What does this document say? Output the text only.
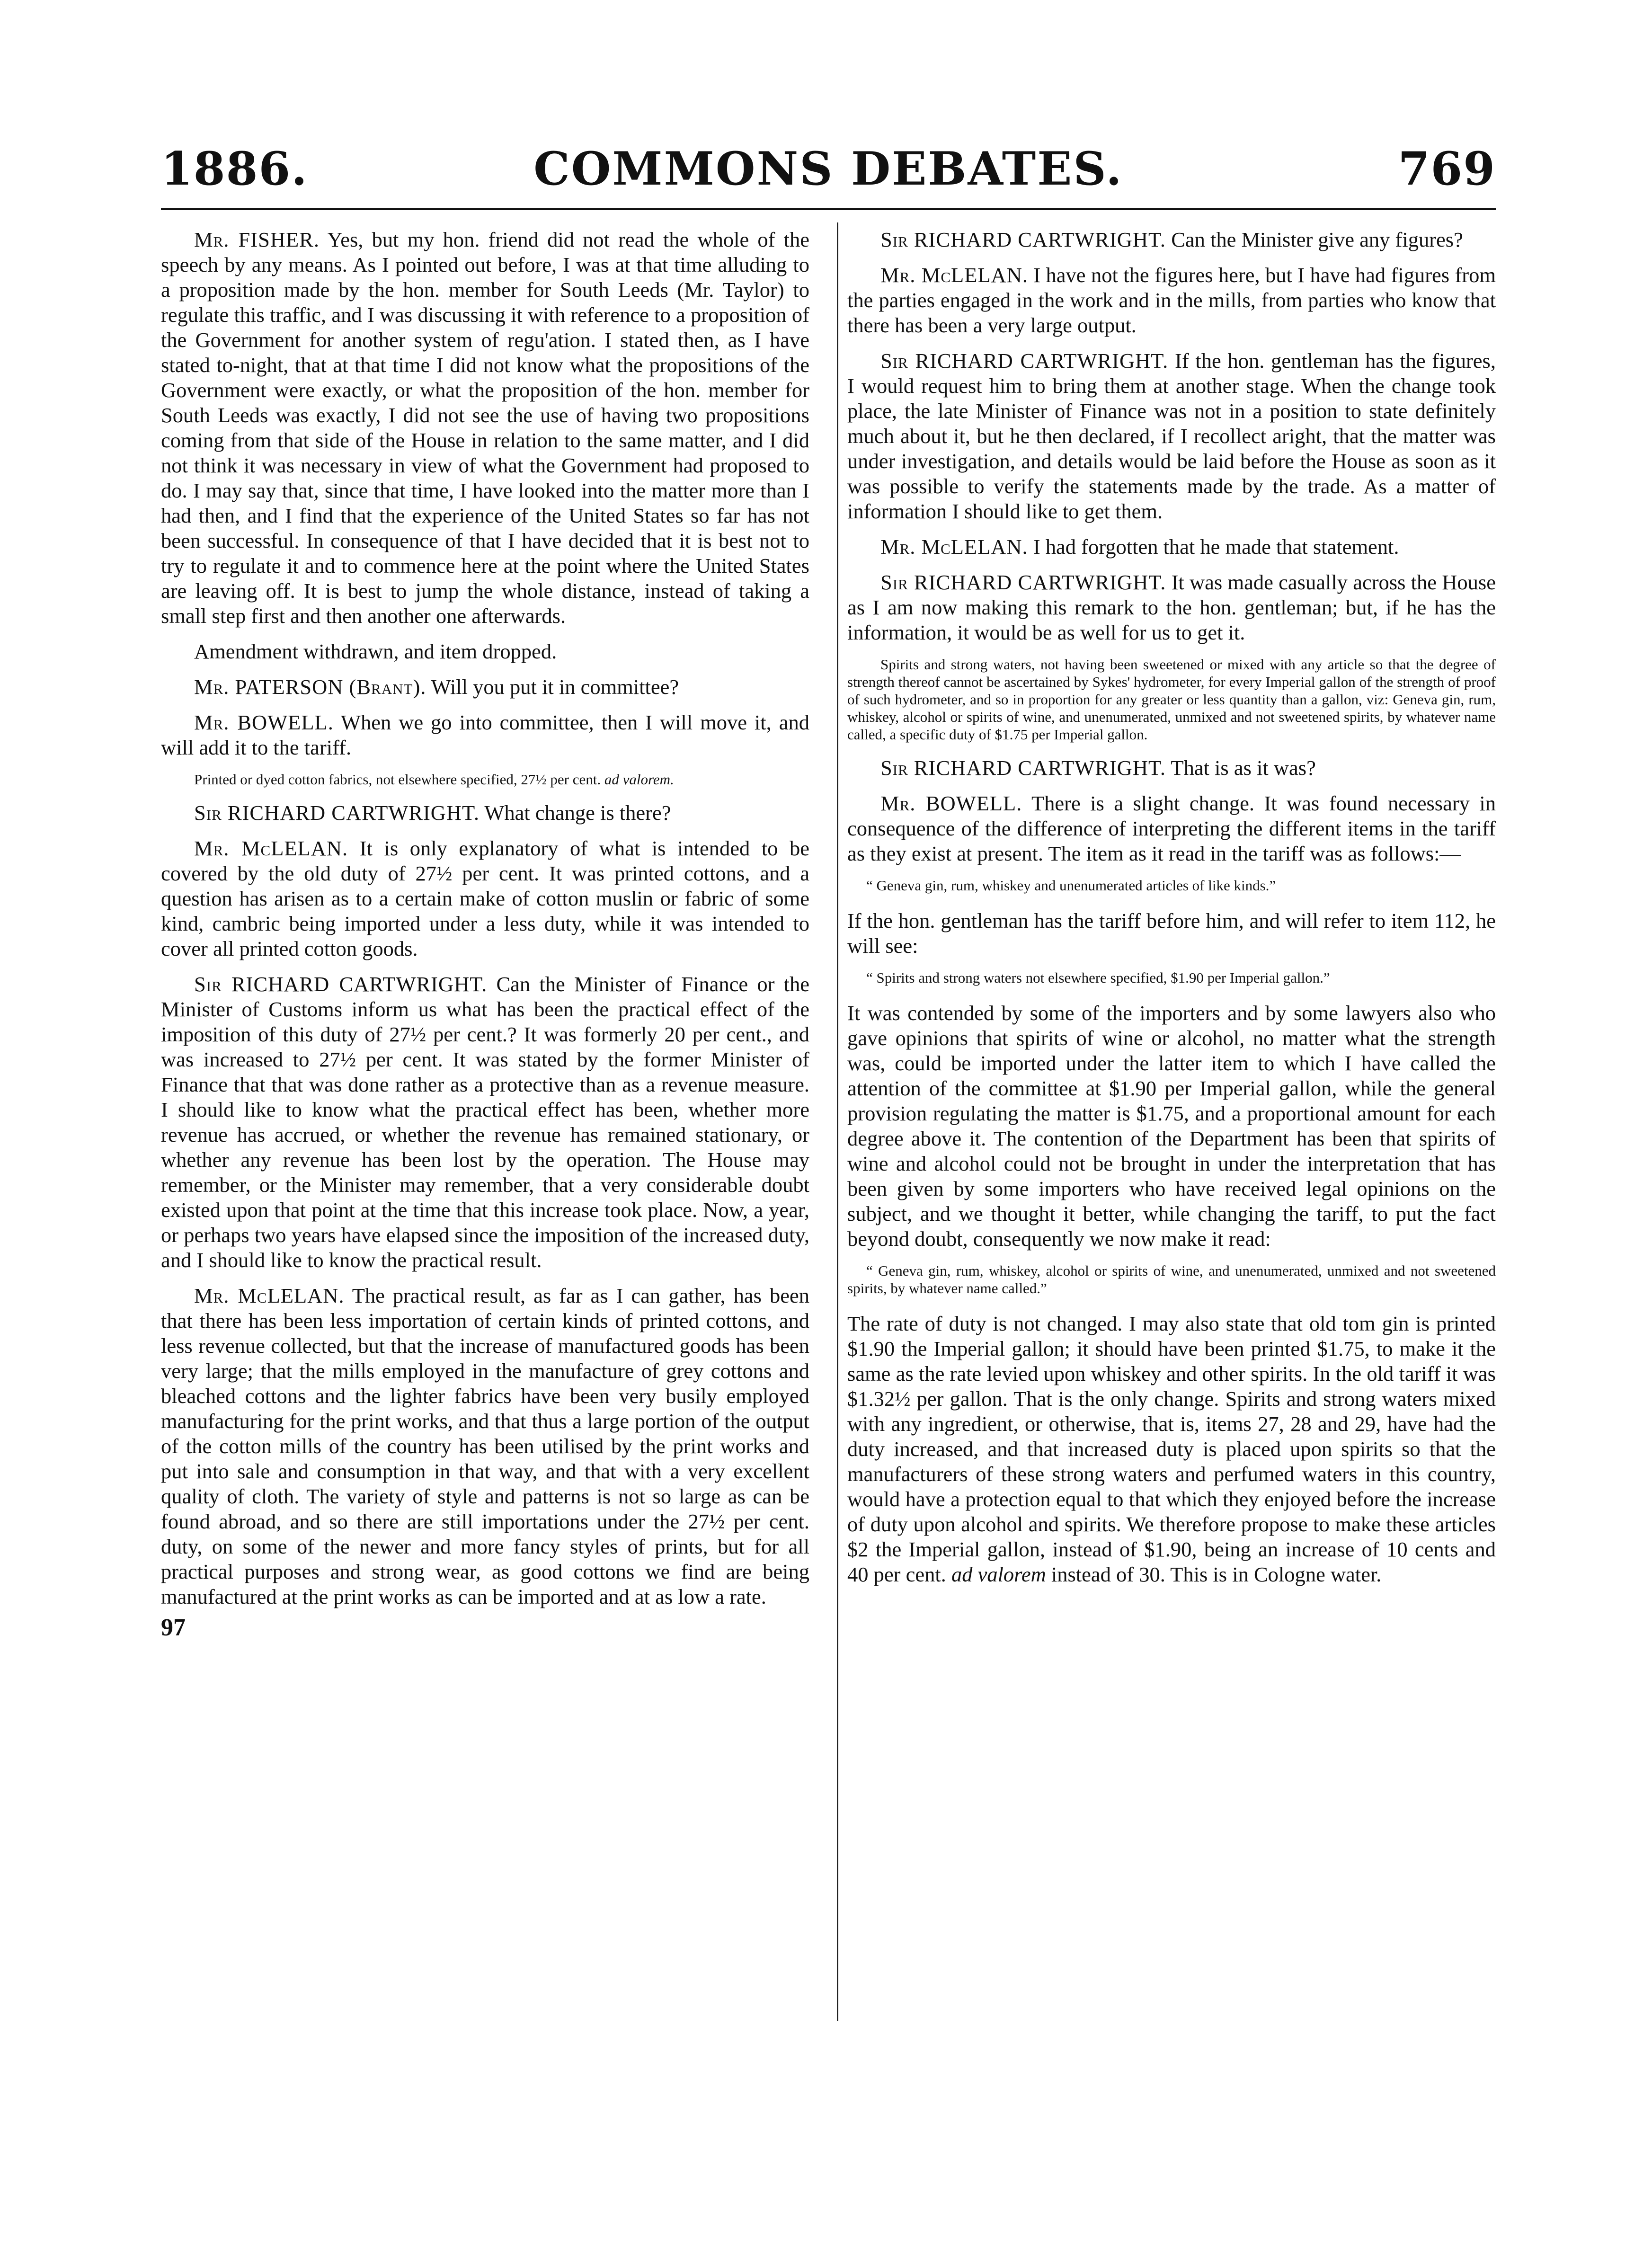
COMMONS DEBATES.
1886.	769

Mr. FISHER. Yes, but my hon. friend did not read the whole of the speech by any means. As I pointed out before, I was at that time alluding to a proposition made by the hon. member for South Leeds (Mr. Taylor) to regulate this traffic, and I was discussing it with reference to a proposition of the Government for another system of regu'ation. I stated then, as I have stated to-night, that at that time I did not know what the propositions of the Government were exactly, or what the proposition of the hon. member for South Leeds was exactly, I did not see the use of having two propositions coming from that side of the House in relation to the same matter, and I did not think it was necessary in view of what the Government had proposed to do. I may say that, since that time, I have looked into the matter more than I had then, and I find that the experience of the United States so far has not been successful. In consequence of that I have decided that it is best not to try to regulate it and to commence here at the point where the United States are leaving off. It is best to jump the whole distance, instead of taking a small step first and then another one afterwards.

Amendment withdrawn, and item dropped.

Mr. PATERSON (Brant). Will you put it in committee?

Mr. BOWELL. When we go into committee, then I will move it, and will add it to the tariff.

Printed or dyed cotton fabrics, not elsewhere specified, 27½ per cent. ad valorem.

Sir RICHARD CARTWRIGHT. What change is there?

Mr. McLELAN. It is only explanatory of what is intended to be covered by the old duty of 27½ per cent. It was printed cottons, and a question has arisen as to a certain make of cotton muslin or fabric of some kind, cambric being imported under a less duty, while it was intended to cover all printed cotton goods.

Sir RICHARD CARTWRIGHT. Can the Minister of Finance or the Minister of Customs inform us what has been the practical effect of the imposition of this duty of 27½ per cent.? It was formerly 20 per cent., and was increased to 27½ per cent. It was stated by the former Minister of Finance that that was done rather as a protective than as a revenue measure. I should like to know what the practical effect has been, whether more revenue has accrued, or whether the revenue has remained stationary, or whether any revenue has been lost by the operation. The House may remember, or the Minister may remember, that a very considerable doubt existed upon that point at the time that this increase took place. Now, a year, or perhaps two years have elapsed since the imposition of the increased duty, and I should like to know the practical result.

Mr. McLELAN. The practical result, as far as I can gather, has been that there has been less importation of certain kinds of printed cottons, and less revenue collected, but that the increase of manufactured goods has been very large; that the mills employed in the manufacture of grey cottons and bleached cottons and the lighter fabrics have been very busily employed manufacturing for the print works, and that thus a large portion of the output of the cotton mills of the country has been utilised by the print works and put into sale and consumption in that way, and that with a very excellent quality of cloth. The variety of style and patterns is not so large as can be found abroad, and so there are still importations under the 27½ per cent. duty, on some of the newer and more fancy styles of prints, but for all practical purposes and strong wear, as good cottons we find are being manufactured at the print works as can be imported and at as low a rate.

97

Sir RICHARD CARTWRIGHT. Can the Minister give any figures?

Mr. McLELAN. I have not the figures here, but I have had figures from the parties engaged in the work and in the mills, from parties who know that there has been a very large output.

Sir RICHARD CARTWRIGHT. If the hon. gentleman has the figures, I would request him to bring them at another stage. When the change took place, the late Minister of Finance was not in a position to state definitely much about it, but he then declared, if I recollect aright, that the matter was under investigation, and details would be laid before the House as soon as it was possible to verify the statements made by the trade. As a matter of information I should like to get them.

Mr. McLELAN. I had forgotten that he made that statement.

Sir RICHARD CARTWRIGHT. It was made casually across the House as I am now making this remark to the hon. gentleman; but, if he has the information, it would be as well for us to get it.

Spirits and strong waters, not having been sweetened or mixed with any article so that the degree of strength thereof cannot be ascertained by Sykes' hydrometer, for every Imperial gallon of the strength of proof of such hydrometer, and so in proportion for any greater or less quantity than a gallon, viz: Geneva gin, rum, whiskey, alcohol or spirits of wine, and unenumerated, unmixed and not sweetened spirits, by whatever name called, a specific duty of $1.75 per Imperial gallon.

Sir RICHARD CARTWRIGHT. That is as it was?

Mr. BOWELL. There is a slight change. It was found necessary in consequence of the difference of interpreting the different items in the tariff as they exist at present. The item as it read in the tariff was as follows:—

“ Geneva gin, rum, whiskey and unenumerated articles of like kinds.”

If the hon. gentleman has the tariff before him, and will refer to item 112, he will see:

“ Spirits and strong waters not elsewhere specified, $1.90 per Imperial gallon.”

It was contended by some of the importers and by some lawyers also who gave opinions that spirits of wine or alcohol, no matter what the strength was, could be imported under the latter item to which I have called the attention of the committee at $1.90 per Imperial gallon, while the general provision regulating the matter is $1.75, and a proportional amount for each degree above it. The contention of the Department has been that spirits of wine and alcohol could not be brought in under the interpretation that has been given by some importers who have received legal opinions on the subject, and we thought it better, while changing the tariff, to put the fact beyond doubt, consequently we now make it read:

“ Geneva gin, rum, whiskey, alcohol or spirits of wine, and unenumerated, unmixed and not sweetened spirits, by whatever name called.”

The rate of duty is not changed. I may also state that old tom gin is printed $1.90 the Imperial gallon; it should have been printed $1.75, to make it the same as the rate levied upon whiskey and other spirits. In the old tariff it was $1.32½ per gallon. That is the only change. Spirits and strong waters mixed with any ingredient, or otherwise, that is, items 27, 28 and 29, have had the duty increased, and that increased duty is placed upon spirits so that the manufacturers of these strong waters and perfumed waters in this country, would have a protection equal to that which they enjoyed before the increase of duty upon alcohol and spirits. We therefore propose to make these articles $2 the Imperial gallon, instead of $1.90, being an increase of 10 cents and 40 per cent. ad valorem instead of 30. This is in Cologne water.
